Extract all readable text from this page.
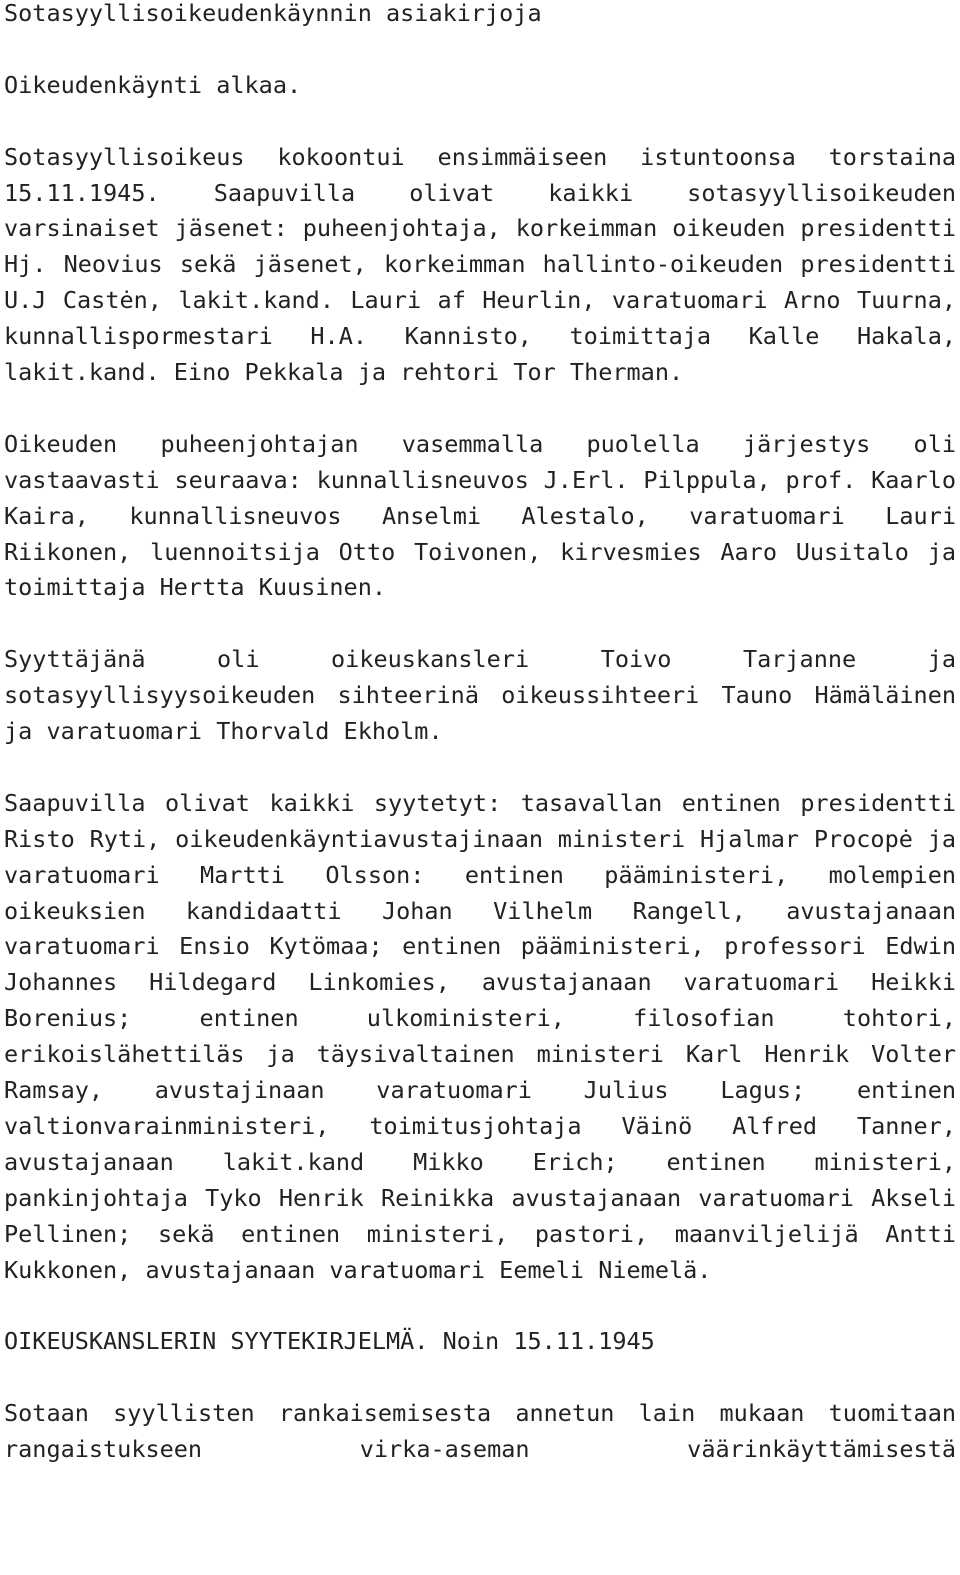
Sotasyyllisoikeudenkäynnin asiakirjoja

Oikeudenkäynti alkaa.

Sotasyyllisoikeus kokoontui ensimmäiseen istuntoonsa torstaina 15.11.1945. Saapuvilla olivat kaikki sotasyyllisoikeuden varsinaiset jäsenet: puheenjohtaja, korkeimman oikeuden presidentti Hj. Neovius sekä jäsenet, korkeimman hallinto-oikeuden presidentti U.J Castėn, lakit.kand. Lauri af Heurlin, varatuomari Arno Tuurna, kunnallispormestari H.A. Kannisto, toimittaja Kalle Hakala, lakit.kand. Eino Pekkala ja rehtori Tor Therman.

Oikeuden puheenjohtajan vasemmalla puolella järjestys oli vastaavasti seuraava: kunnallisneuvos J.Erl. Pilppula, prof. Kaarlo Kaira, kunnallisneuvos Anselmi Alestalo, varatuomari Lauri Riikonen, luennoitsija Otto Toivonen, kirvesmies Aaro Uusitalo ja toimittaja Hertta Kuusinen.

Syyttäjänä oli oikeuskansleri Toivo Tarjanne ja sotasyyllisyysoikeuden sihteerinä oikeussihteeri Tauno Hämäläinen ja varatuomari Thorvald Ekholm.

Saapuvilla olivat kaikki syytetyt: tasavallan entinen presidentti Risto Ryti, oikeudenkäyntiavustajinaan ministeri Hjalmar Procopė ja varatuomari Martti Olsson: entinen pääministeri, molempien oikeuksien kandidaatti Johan Vilhelm Rangell, avustajanaan varatuomari Ensio Kytömaa; entinen pääministeri, professori Edwin Johannes Hildegard Linkomies, avustajanaan varatuomari Heikki Borenius; entinen ulkoministeri, filosofian tohtori, erikoislähettiläs ja täysivaltainen ministeri Karl Henrik Volter Ramsay, avustajinaan varatuomari Julius Lagus; entinen valtionvarainministeri, toimitusjohtaja Väinö Alfred Tanner, avustajanaan lakit.kand Mikko Erich; entinen ministeri, pankinjohtaja Tyko Henrik Reinikka avustajanaan varatuomari Akseli Pellinen; sekä entinen ministeri, pastori, maanviljelijä Antti Kukkonen, avustajanaan varatuomari Eemeli Niemelä.

OIKEUSKANSLERIN SYYTEKIRJELMÄ. Noin 15.11.1945

Sotaan syyllisten rankaisemisesta annetun lain mukaan tuomitaan rangaistukseen virka-aseman väärinkäyttämisestä
